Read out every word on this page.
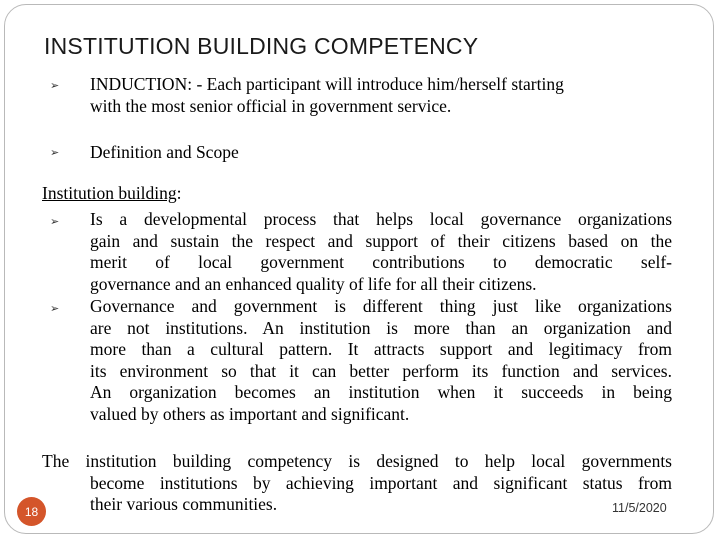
INSTITUTION BUILDING COMPETENCY
➢ INDUCTION: - Each participant will introduce him/herself starting
with the most senior official in government service.
➢ Definition and Scope
Institution building:
➢ Is a developmental process that helps local governance organizations
gain and sustain the respect and support of their citizens based on the
merit of local government contributions to democratic self-
governance and an enhanced quality of life for all their citizens.
➢ Governance and government is different thing just like organizations
are not institutions. An institution is more than an organization and
more than a cultural pattern. It attracts support and legitimacy from
its environment so that it can better perform its function and services.
An organization becomes an institution when it succeeds in being
valued by others as important and significant.
The institution building competency is designed to help local governments
become institutions by achieving important and significant status from
their various communities.
18	11/5/2020
